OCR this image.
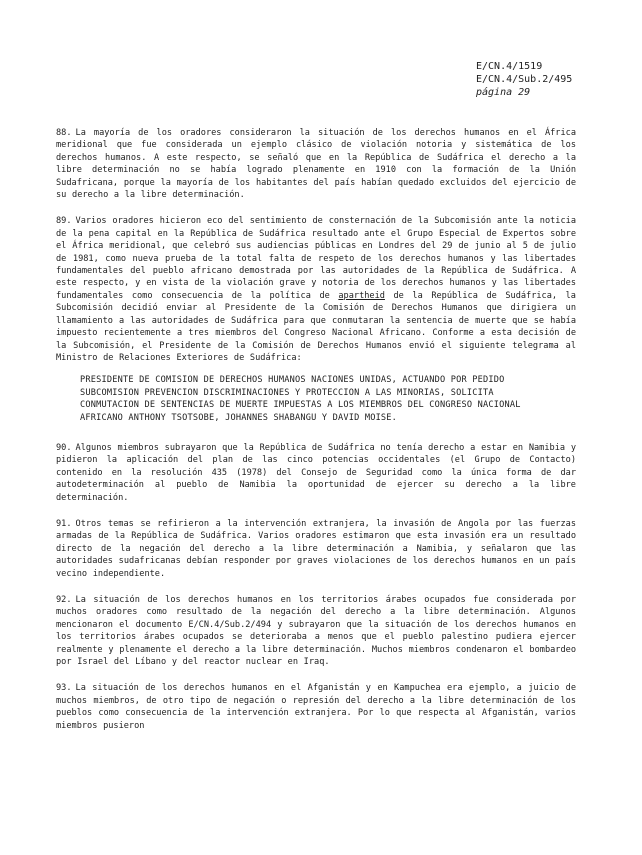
E/CN.4/1519
E/CN.4/Sub.2/495
página 29

88. La mayoría de los oradores consideraron la situación de los derechos humanos en el África meridional que fue considerada un ejemplo clásico de violación notoria y sistemática de los derechos humanos. A este respecto, se señaló que en la República de Sudáfrica el derecho a la libre determinación no se había logrado plenamente en 1910 con la formación de la Unión Sudafricana, porque la mayoría de los habitantes del país habían quedado excluidos del ejercicio de su derecho a la libre determinación.

89. Varios oradores hicieron eco del sentimiento de consternación de la Subcomisión ante la noticia de la pena capital en la República de Sudáfrica resultado ante el Grupo Especial de Expertos sobre el África meridional, que celebró sus audiencias públicas en Londres del 29 de junio al 5 de julio de 1981, como nueva prueba de la total falta de respeto de los derechos humanos y las libertades fundamentales del pueblo africano demostrada por las autoridades de la República de Sudáfrica. A este respecto, y en vista de la violación grave y notoria de los derechos humanos y las libertades fundamentales como consecuencia de la política de apartheid de la República de Sudáfrica, la Subcomisión decidió enviar al Presidente de la Comisión de Derechos Humanos que dirigiera un llamamiento a las autoridades de Sudáfrica para que conmutaran la sentencia de muerte que se había impuesto recientemente a tres miembros del Congreso Nacional Africano. Conforme a esta decisión de la Subcomisión, el Presidente de la Comisión de Derechos Humanos envió el siguiente telegrama al Ministro de Relaciones Exteriores de Sudáfrica:

PRESIDENTE DE COMISION DE DERECHOS HUMANOS NACIONES UNIDAS, ACTUANDO POR PEDIDO SUBCOMISION PREVENCION DISCRIMINACIONES Y PROTECCION A LAS MINORIAS, SOLICITA CONMUTACION DE SENTENCIAS DE MUERTE IMPUESTAS A LOS MIEMBROS DEL CONGRESO NACIONAL AFRICANO ANTHONY TSOTSOBE, JOHANNES SHABANGU Y DAVID MOISE.

90. Algunos miembros subrayaron que la República de Sudáfrica no tenía derecho a estar en Namibia y pidieron la aplicación del plan de las cinco potencias occidentales (el Grupo de Contacto) contenido en la resolución 435 (1978) del Consejo de Seguridad como la única forma de dar autodeterminación al pueblo de Namibia la oportunidad de ejercer su derecho a la libre determinación.

91. Otros temas se refirieron a la intervención extranjera, la invasión de Angola por las fuerzas armadas de la República de Sudáfrica. Varios oradores estimaron que esta invasión era un resultado directo de la negación del derecho a la libre determinación a Namibia, y señalaron que las autoridades sudafricanas debían responder por graves violaciones de los derechos humanos en un país vecino independiente.

92. La situación de los derechos humanos en los territorios árabes ocupados fue considerada por muchos oradores como resultado de la negación del derecho a la libre determinación. Algunos mencionaron el documento E/CN.4/Sub.2/494 y subrayaron que la situación de los derechos humanos en los territorios árabes ocupados se deterioraba a menos que el pueblo palestino pudiera ejercer realmente y plenamente el derecho a la libre determinación. Muchos miembros condenaron el bombardeo por Israel del Líbano y del reactor nuclear en Iraq.

93. La situación de los derechos humanos en el Afganistán y en Kampuchea era ejemplo, a juicio de muchos miembros, de otro tipo de negación o represión del derecho a la libre determinación de los pueblos como consecuencia de la intervención extranjera. Por lo que respecta al Afganistán, varios miembros pusieron
